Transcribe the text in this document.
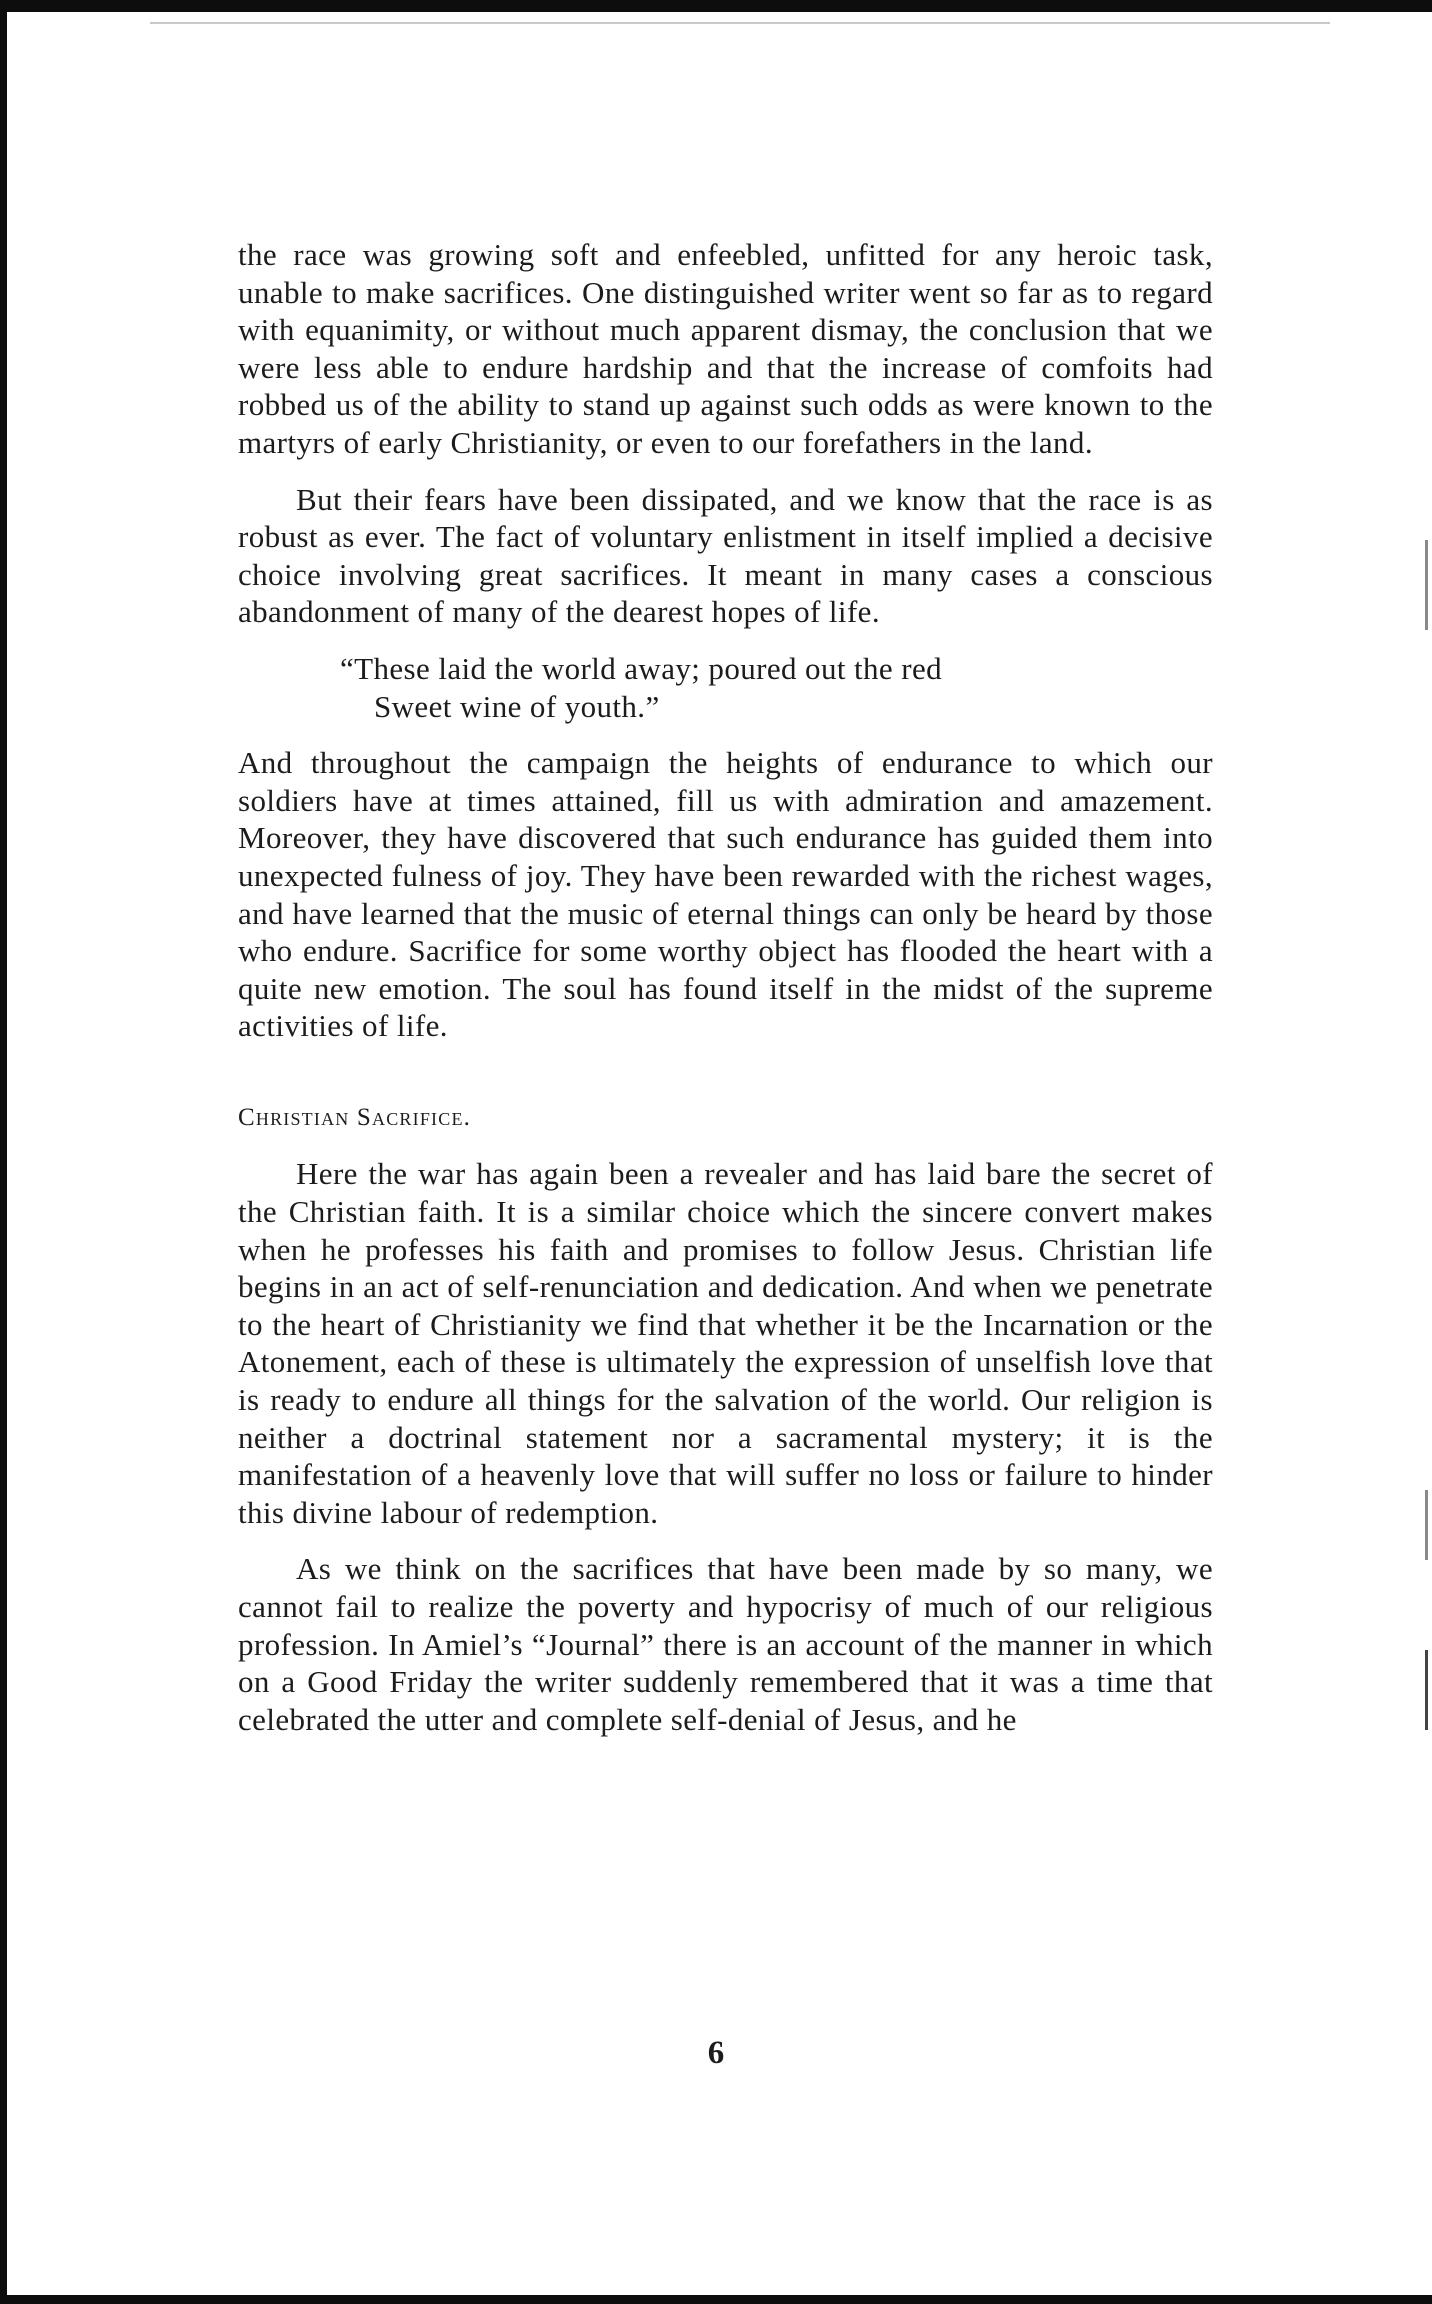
the race was growing soft and enfeebled, unfitted for any heroic task, unable to make sacrifices. One distinguished writer went so far as to regard with equanimity, or without much apparent dismay, the conclusion that we were less able to endure hardship and that the increase of comfoits had robbed us of the ability to stand up against such odds as were known to the martyrs of early Christianity, or even to our forefathers in the land.

But their fears have been dissipated, and we know that the race is as robust as ever. The fact of voluntary enlistment in itself implied a decisive choice involving great sacrifices. It meant in many cases a conscious abandonment of many of the dearest hopes of life.

“These laid the world away; poured out the red
Sweet wine of youth.”

And throughout the campaign the heights of endurance to which our soldiers have at times attained, fill us with admiration and amazement. Moreover, they have discovered that such endurance has guided them into unexpected fulness of joy. They have been rewarded with the richest wages, and have learned that the music of eternal things can only be heard by those who endure. Sacrifice for some worthy object has flooded the heart with a quite new emotion. The soul has found itself in the midst of the supreme activities of life.

Christian Sacrifice.

Here the war has again been a revealer and has laid bare the secret of the Christian faith. It is a similar choice which the sincere convert makes when he professes his faith and promises to follow Jesus. Christian life begins in an act of self-renunciation and dedication. And when we penetrate to the heart of Christianity we find that whether it be the Incarnation or the Atonement, each of these is ultimately the expression of unselfish love that is ready to endure all things for the salvation of the world. Our religion is neither a doctrinal statement nor a sacramental mystery; it is the manifestation of a heavenly love that will suffer no loss or failure to hinder this divine labour of redemption.

As we think on the sacrifices that have been made by so many, we cannot fail to realize the poverty and hypocrisy of much of our religious profession. In Amiel’s “Journal” there is an account of the manner in which on a Good Friday the writer suddenly remembered that it was a time that celebrated the utter and complete self-denial of Jesus, and he

6
